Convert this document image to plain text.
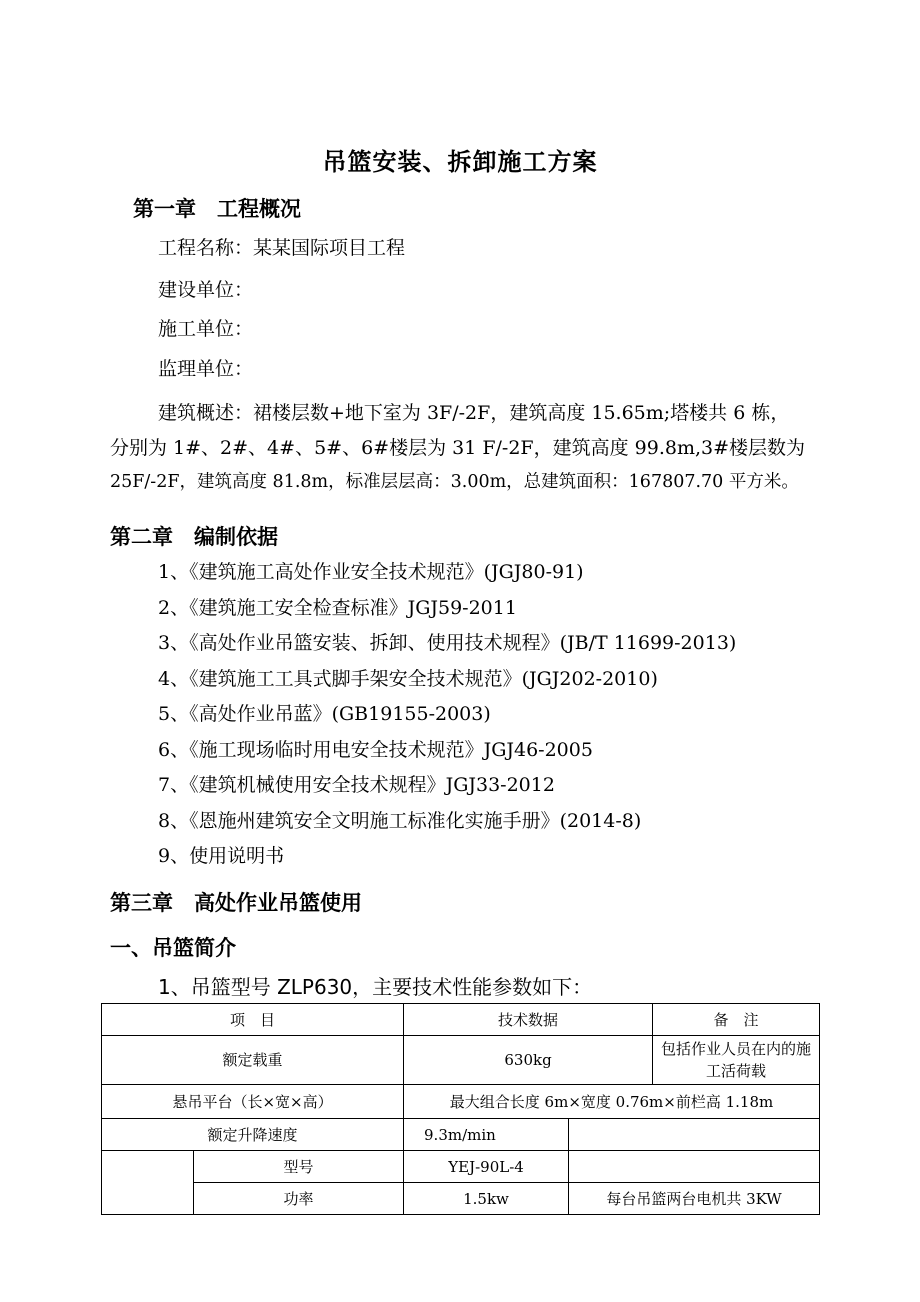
吊篮安装、拆卸施工方案
第一章　工程概况
工程名称：某某国际项目工程
建设单位：
施工单位：
监理单位：
建筑概述：裙楼层数+地下室为 3F/-2F，建筑高度 15.65m;塔楼共 6 栋，
分别为 1#、2#、4#、5#、6#楼层为 31 F/-2F，建筑高度 99.8m,3#楼层数为
25F/-2F，建筑高度 81.8m，标准层层高：3.00m，总建筑面积：167807.70 平方米。
第二章　编制依据
1、《建筑施工高处作业安全技术规范》(JGJ80-91)
2、《建筑施工安全检查标准》JGJ59-2011
3、《高处作业吊篮安装、拆卸、使用技术规程》(JB/T 11699-2013)
4、《建筑施工工具式脚手架安全技术规范》(JGJ202-2010)
5、《高处作业吊蓝》(GB19155-2003)
6、《施工现场临时用电安全技术规范》JGJ46-2005
7、《建筑机械使用安全技术规程》JGJ33-2012
8、《恩施州建筑安全文明施工标准化实施手册》(2014-8)
9、使用说明书
第三章　高处作业吊篮使用
一、吊篮简介
1、吊篮型号 ZLP630，主要技术性能参数如下：
项　目		技术数据		备　注
额定载重		630kg		包括作业人员在内的施工活荷载
悬吊平台（长×宽×高）		最大组合长度 6m×宽度 0.76m×前栏高 1.18m		
额定升降速度		9.3m/min		
	型号	YEJ-90L-4		
	功率	1.5kw	每台吊篮两台电机共 3KW	
